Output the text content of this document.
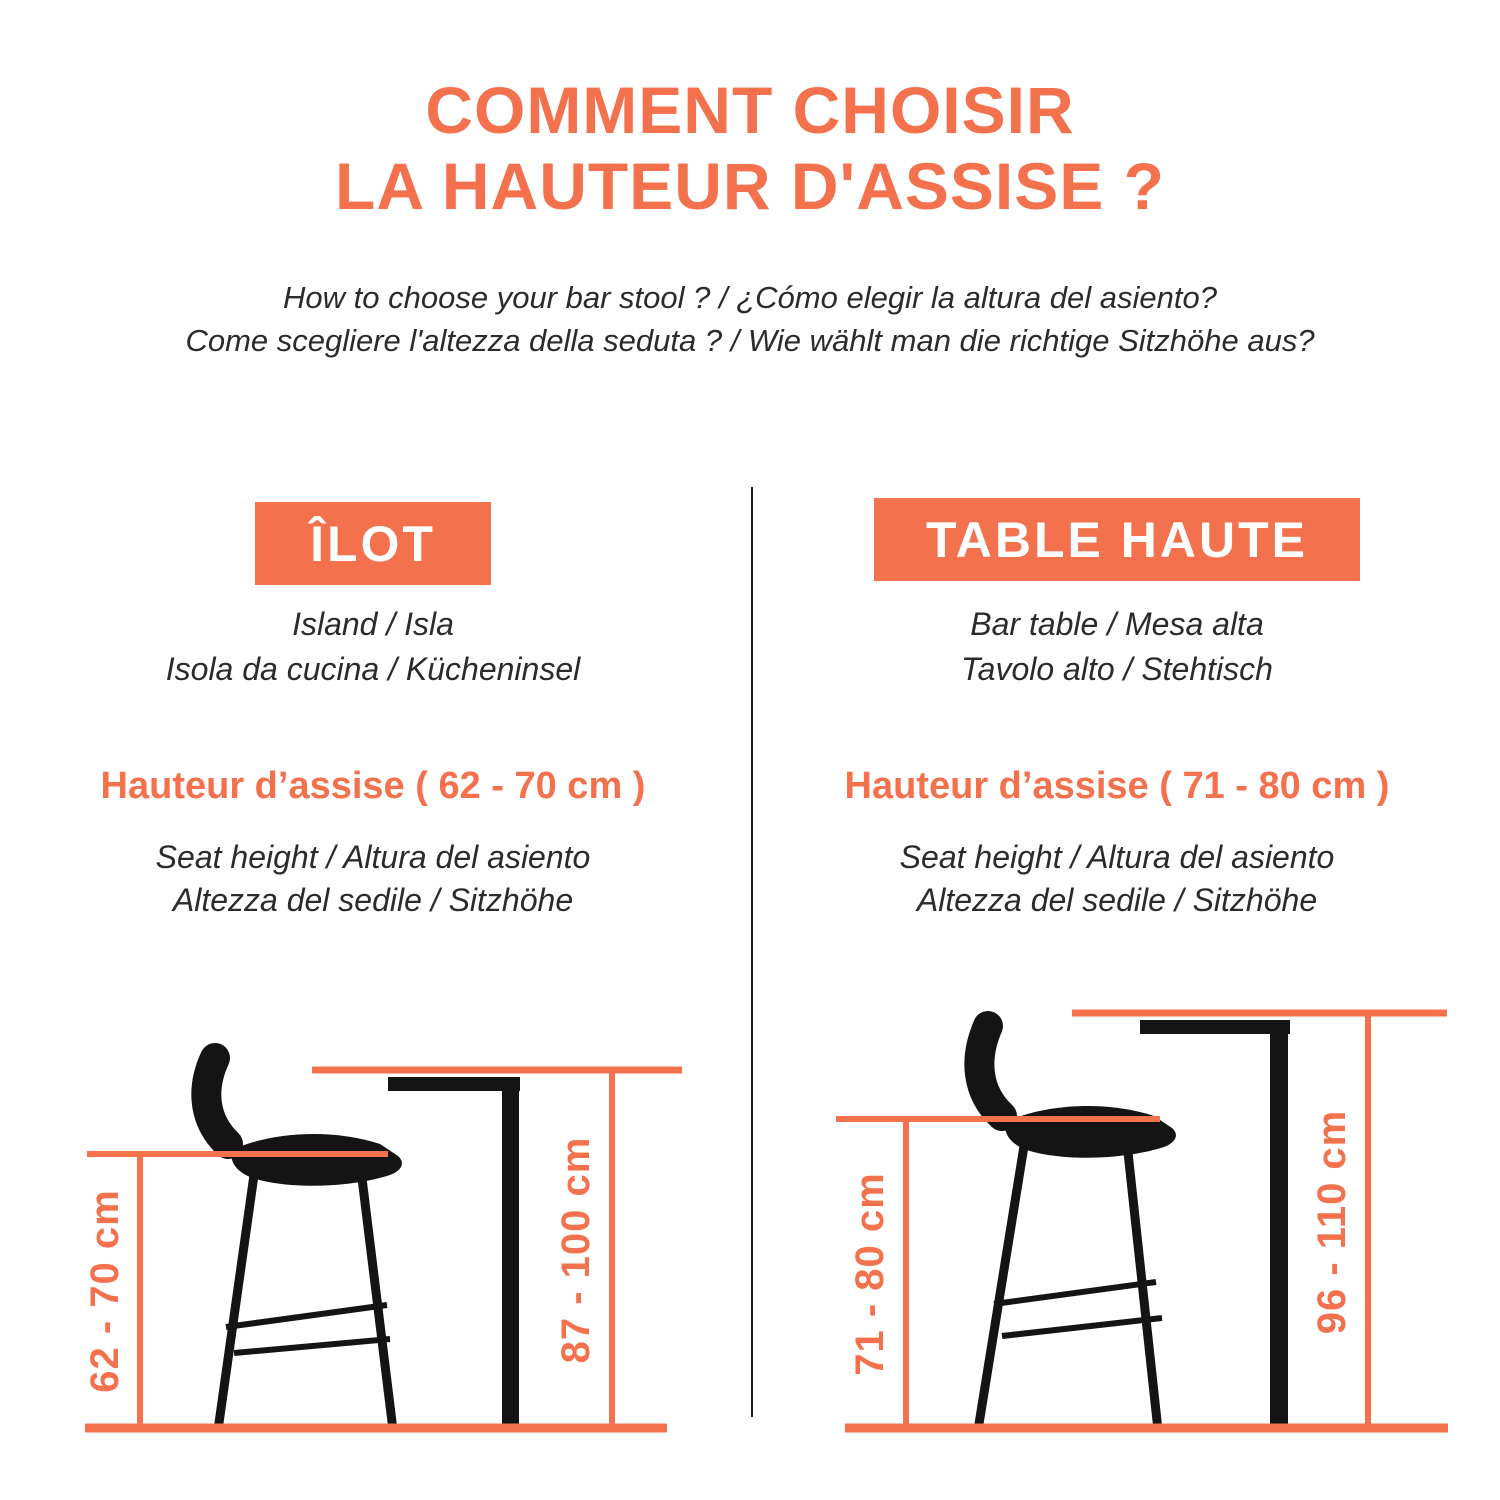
COMMENT CHOISIR
LA HAUTEUR D'ASSISE ?
How to choose your bar stool ? / ¿Cómo elegir la altura del asiento?
Come scegliere l'altezza della seduta ? / Wie wählt man die richtige Sitzhöhe aus?
ÎLOT
Island / Isla
Isola da cucina / Kücheninsel
Hauteur d’assise ( 62 - 70 cm )
Seat height / Altura del asiento
Altezza del sedile / Sitzhöhe
TABLE HAUTE
Bar table / Mesa alta
Tavolo alto / Stehtisch
Hauteur d’assise ( 71 - 80 cm )
Seat height / Altura del asiento
Altezza del sedile / Sitzhöhe
62 - 70 cm	87 - 100 cm	71 - 80 cm	96 - 110 cm
